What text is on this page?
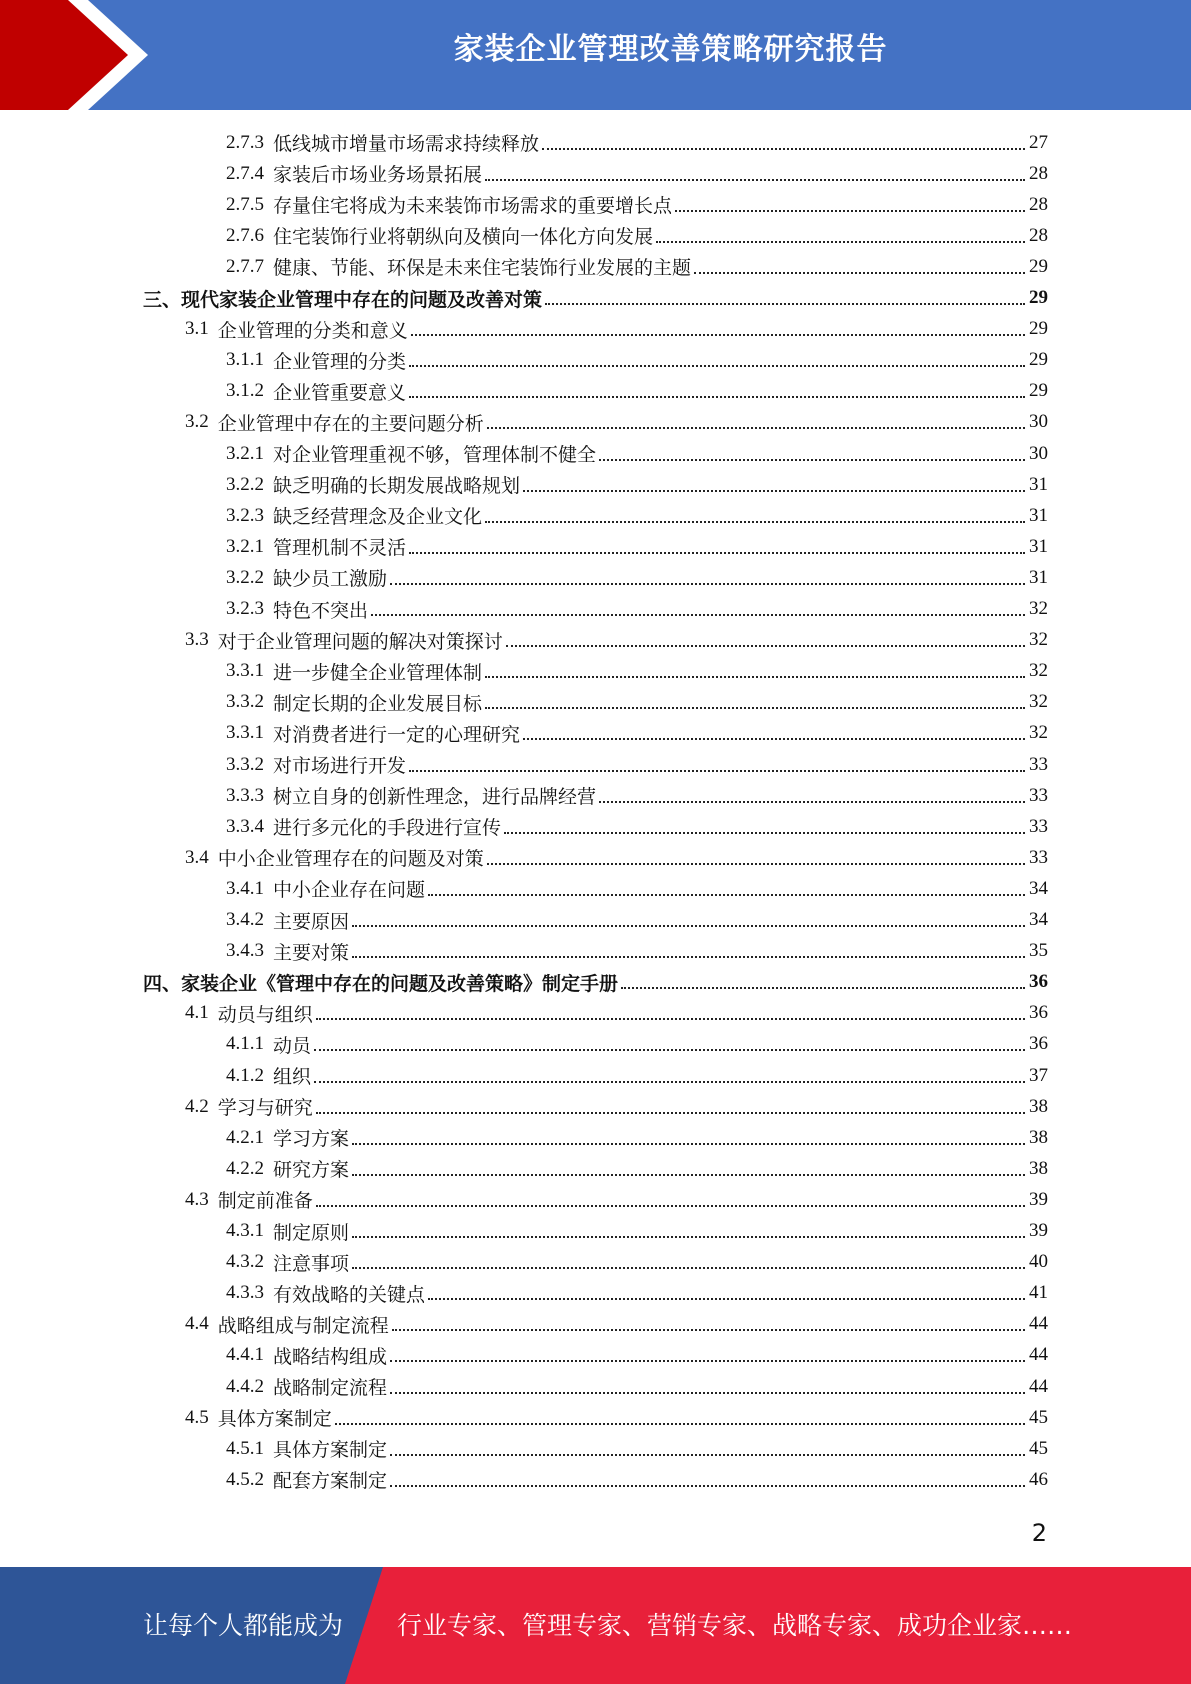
家装企业管理改善策略研究报告
2.7.3 低线城市增量市场需求持续释放	27
2.7.4 家装后市场业务场景拓展	28
2.7.5 存量住宅将成为未来装饰市场需求的重要增长点	28
2.7.6 住宅装饰行业将朝纵向及横向一体化方向发展	28
2.7.7 健康、节能、环保是未来住宅装饰行业发展的主题	29
三、现代家装企业管理中存在的问题及改善对策	29
3.1 企业管理的分类和意义	29
3.1.1 企业管理的分类	29
3.1.2 企业管重要意义	29
3.2 企业管理中存在的主要问题分析	30
3.2.1 对企业管理重视不够，管理体制不健全	30
3.2.2 缺乏明确的长期发展战略规划	31
3.2.3 缺乏经营理念及企业文化	31
3.2.1 管理机制不灵活	31
3.2.2 缺少员工激励	31
3.2.3 特色不突出	32
3.3 对于企业管理问题的解决对策探讨	32
3.3.1 进一步健全企业管理体制	32
3.3.2 制定长期的企业发展目标	32
3.3.1 对消费者进行一定的心理研究	32
3.3.2 对市场进行开发	33
3.3.3 树立自身的创新性理念，进行品牌经营	33
3.3.4 进行多元化的手段进行宣传	33
3.4 中小企业管理存在的问题及对策	33
3.4.1 中小企业存在问题	34
3.4.2 主要原因	34
3.4.3 主要对策	35
四、家装企业《管理中存在的问题及改善策略》制定手册	36
4.1 动员与组织	36
4.1.1 动员	36
4.1.2 组织	37
4.2 学习与研究	38
4.2.1 学习方案	38
4.2.2 研究方案	38
4.3 制定前准备	39
4.3.1 制定原则	39
4.3.2 注意事项	40
4.3.3 有效战略的关键点	41
4.4 战略组成与制定流程	44
4.4.1 战略结构组成	44
4.4.2 战略制定流程	44
4.5 具体方案制定	45
4.5.1 具体方案制定	45
4.5.2 配套方案制定	46
2
让每个人都能成为 行业专家、管理专家、营销专家、战略专家、成功企业家……
